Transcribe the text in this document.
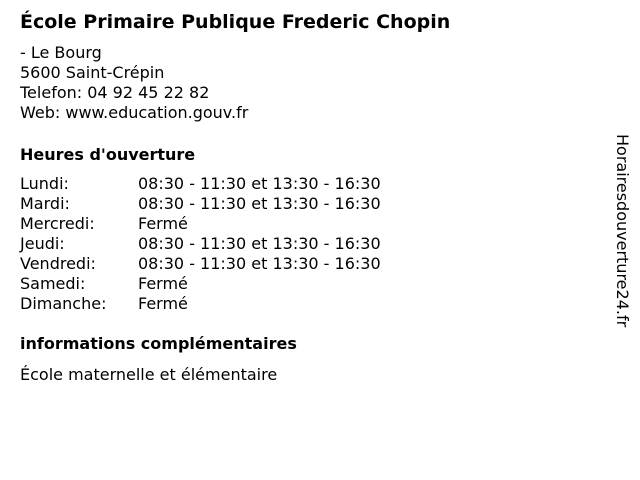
École Primaire Publique Frederic Chopin
- Le Bourg
5600 Saint-Crépin
Telefon: 04 92 45 22 82
Web: www.education.gouv.fr
Heures d'ouverture
Lundi:	08:30 - 11:30 et 13:30 - 16:30
Mardi:	08:30 - 11:30 et 13:30 - 16:30
Mercredi:	Fermé
Jeudi:	08:30 - 11:30 et 13:30 - 16:30
Vendredi:	08:30 - 11:30 et 13:30 - 16:30
Samedi:	Fermé
Dimanche:	Fermé
informations complémentaires
École maternelle et élémentaire
Horairesdouverture24.fr
